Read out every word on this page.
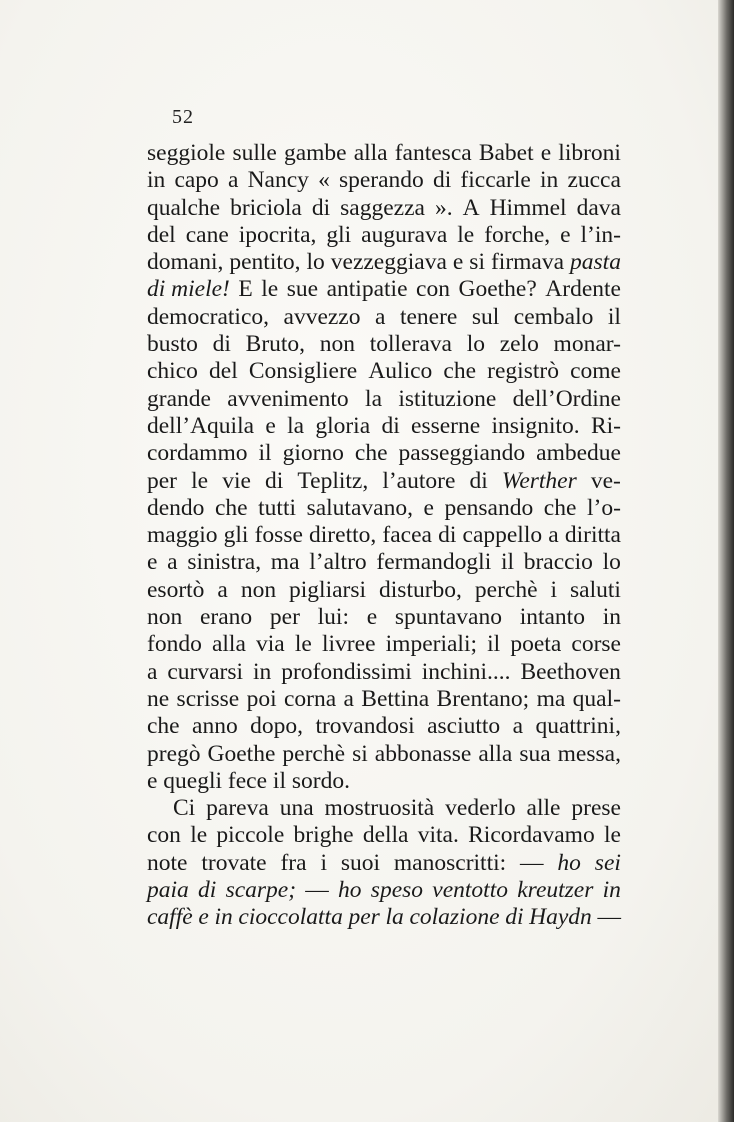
52
seggiole sulle gambe alla fantesca Babet e libroni
in capo a Nancy « sperando di ficcarle in zucca
qualche briciola di saggezza ». A Himmel dava
del cane ipocrita, gli augurava le forche, e l’in-
domani, pentito, lo vezzeggiava e si firmava pasta
di miele! E le sue antipatie con Goethe? Ardente
democratico, avvezzo a tenere sul cembalo il
busto di Bruto, non tollerava lo zelo monar-
chico del Consigliere Aulico che registrò come
grande avvenimento la istituzione dell’Ordine
dell’Aquila e la gloria di esserne insignito. Ri-
cordammo il giorno che passeggiando ambedue
per le vie di Teplitz, l’autore di Werther ve-
dendo che tutti salutavano, e pensando che l’o-
maggio gli fosse diretto, facea di cappello a diritta
e a sinistra, ma l’altro fermandogli il braccio lo
esortò a non pigliarsi disturbo, perchè i saluti
non erano per lui: e spuntavano intanto in
fondo alla via le livree imperiali; il poeta corse
a curvarsi in profondissimi inchini.... Beethoven
ne scrisse poi corna a Bettina Brentano; ma qual-
che anno dopo, trovandosi asciutto a quattrini,
pregò Goethe perchè si abbonasse alla sua messa,
e quegli fece il sordo.
Ci pareva una mostruosità vederlo alle prese
con le piccole brighe della vita. Ricordavamo le
note trovate fra i suoi manoscritti: — ho sei
paia di scarpe; — ho speso ventotto kreutzer in
caffè e in cioccolatta per la colazione di Haydn —
